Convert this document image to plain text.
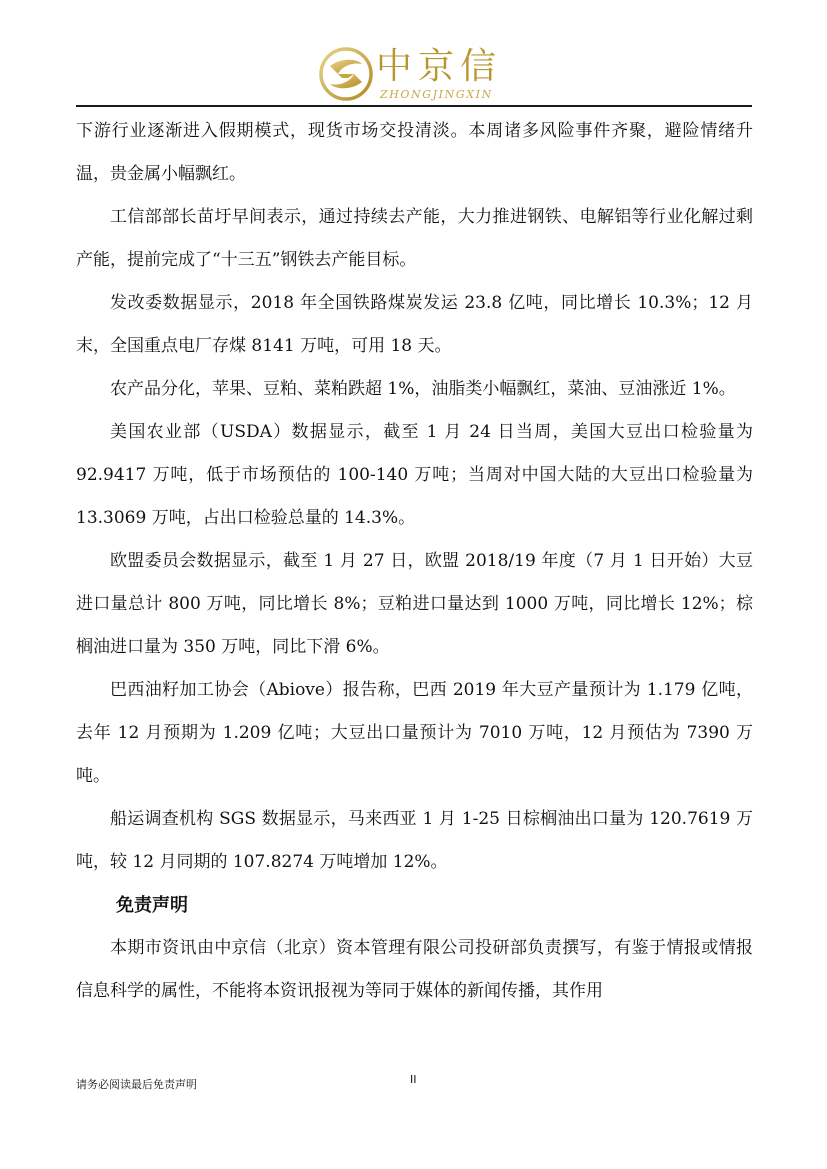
中京信
ZHONGJINGXIN

下游行业逐渐进入假期模式，现货市场交投清淡。本周诸多风险事件齐聚，避险情绪升温，贵金属小幅飘红。

工信部部长苗圩早间表示，通过持续去产能，大力推进钢铁、电解铝等行业化解过剩产能，提前完成了“十三五”钢铁去产能目标。

发改委数据显示，2018 年全国铁路煤炭发运 23.8 亿吨，同比增长 10.3%；12 月末，全国重点电厂存煤 8141 万吨，可用 18 天。

农产品分化，苹果、豆粕、菜粕跌超 1%，油脂类小幅飘红，菜油、豆油涨近 1%。

美国农业部（USDA）数据显示，截至 1 月 24 日当周，美国大豆出口检验量为 92.9417 万吨，低于市场预估的 100-140 万吨；当周对中国大陆的大豆出口检验量为 13.3069 万吨，占出口检验总量的 14.3%。

欧盟委员会数据显示，截至 1 月 27 日，欧盟 2018/19 年度（7 月 1 日开始）大豆进口量总计 800 万吨，同比增长 8%；豆粕进口量达到 1000 万吨，同比增长 12%；棕榈油进口量为 350 万吨，同比下滑 6%。

巴西油籽加工协会（Abiove）报告称，巴西 2019 年大豆产量预计为 1.179 亿吨，去年 12 月预期为 1.209 亿吨；大豆出口量预计为 7010 万吨，12 月预估为 7390 万吨。

船运调查机构 SGS 数据显示，马来西亚 1 月 1-25 日棕榈油出口量为 120.7619 万吨，较 12 月同期的 107.8274 万吨增加 12%。

免责声明

本期市资讯由中京信（北京）资本管理有限公司投研部负责撰写，有鉴于情报或情报信息科学的属性，不能将本资讯报视为等同于媒体的新闻传播，其作用

请务必阅读最后免责声明	II
